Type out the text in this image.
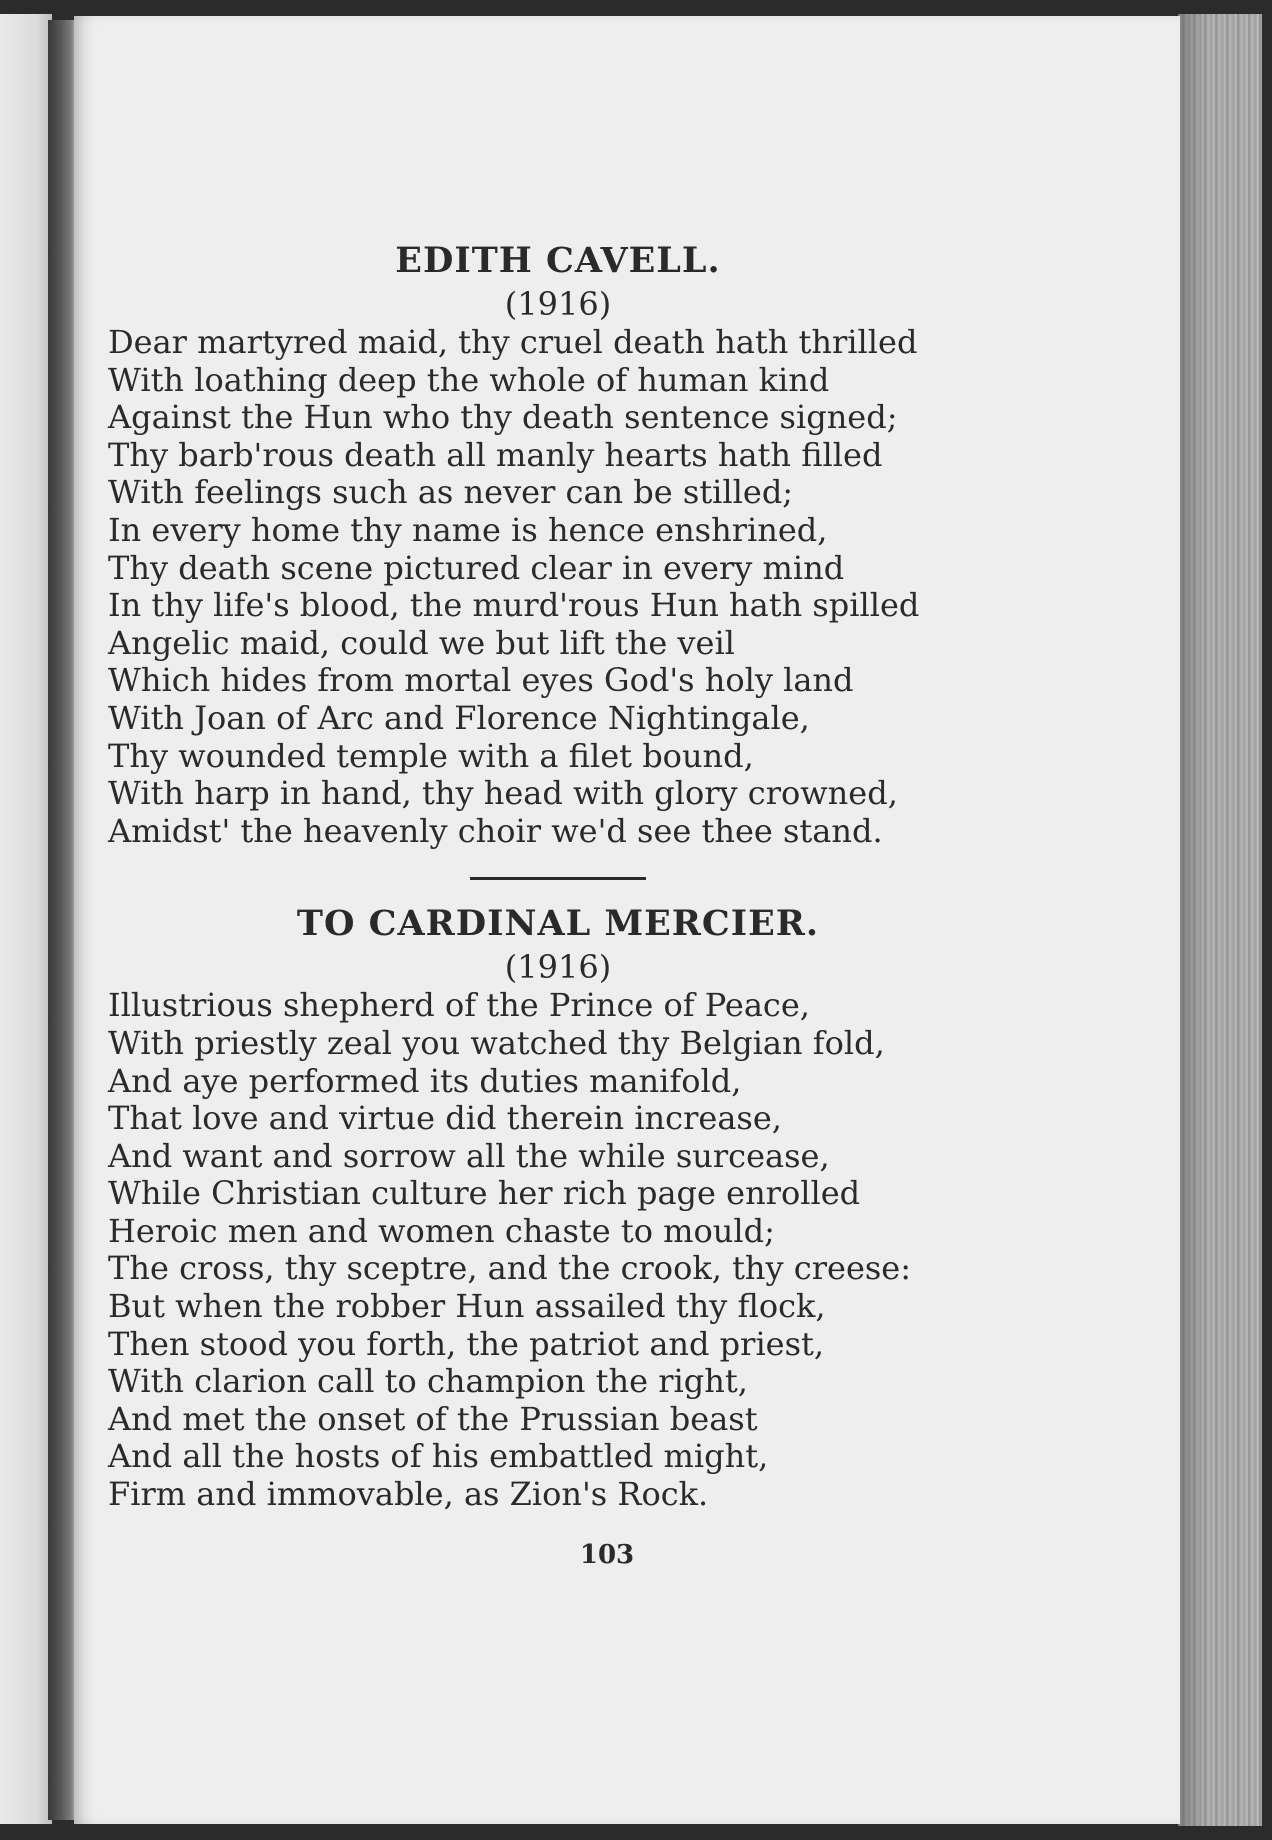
EDITH CAVELL.
(1916)
Dear martyred maid, thy cruel death hath thrilled
With loathing deep the whole of human kind
Against the Hun who thy death sentence signed;
Thy barb'rous death all manly hearts hath filled
With feelings such as never can be stilled;
In every home thy name is hence enshrined,
Thy death scene pictured clear in every mind
In thy life's blood, the murd'rous Hun hath spilled
Angelic maid, could we but lift the veil
Which hides from mortal eyes God's holy land
With Joan of Arc and Florence Nightingale,
Thy wounded temple with a filet bound,
With harp in hand, thy head with glory crowned,
Amidst' the heavenly choir we'd see thee stand.
TO CARDINAL MERCIER.
(1916)
Illustrious shepherd of the Prince of Peace,
With priestly zeal you watched thy Belgian fold,
And aye performed its duties manifold,
That love and virtue did therein increase,
And want and sorrow all the while surcease,
While Christian culture her rich page enrolled
Heroic men and women chaste to mould;
The cross, thy sceptre, and the crook, thy creese:
But when the robber Hun assailed thy flock,
Then stood you forth, the patriot and priest,
With clarion call to champion the right,
And met the onset of the Prussian beast
And all the hosts of his embattled might,
Firm and immovable, as Zion's Rock.
103
